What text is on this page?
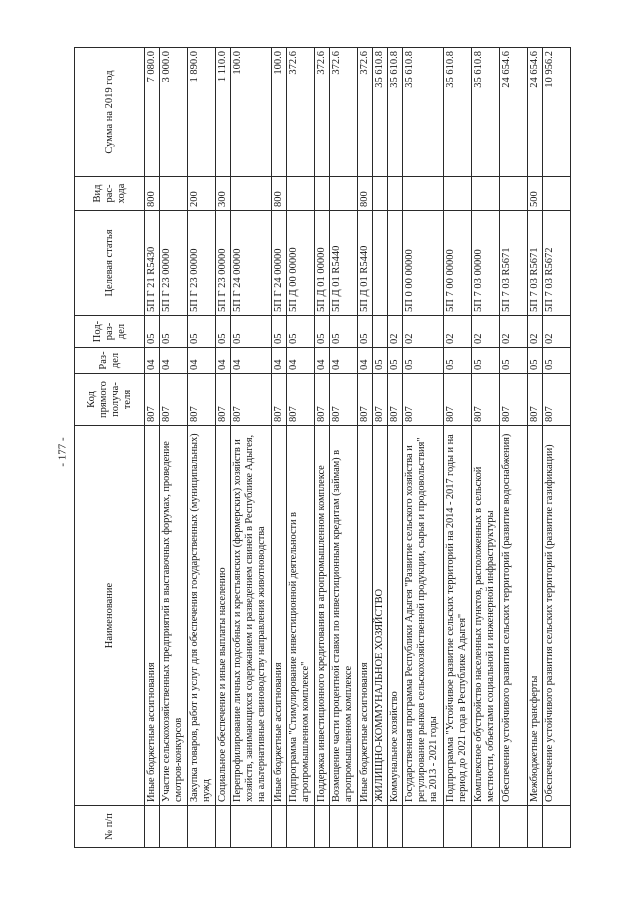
- 177 -
№ п/п	Наименование	Код прямого получа-теля	Раз-дел	Под-раз-дел	Целевая статья	Вид рас-хода	Сумма на 2019 год
	Иные бюджетные ассигнования	807	04	05	5П Г 21 R5430	800	7 080.0
	Участие сельскохозяйственных предприятий в выставочных форумах, проведение смотров-конкурсов	807	04	05	5П Г 23 00000		3 000.0
	Закупка товаров, работ и услуг для обеспечения государственных (муниципальных) нужд	807	04	05	5П Г 23 00000	200	1 890.0
	Социальное обеспечение и иные выплаты населению	807	04	05	5П Г 23 00000	300	1 110.0
	Перепрофилирование личных подсобных и крестьянских (фермерских) хозяйств и хозяйств, занимающихся содержанием и разведением свиней в Республике Адыгея, на альтернативные свиноводству направления животноводства	807	04	05	5П Г 24 00000		100.0
	Иные бюджетные ассигнования	807	04	05	5П Г 24 00000	800	100.0
	Подпрограмма "Стимулирование инвестиционной деятельности в агропромышленном комплексе"	807	04	05	5П Д 00 00000		372.6
	Поддержка инвестиционного кредитования в агропромышленном комплексе	807	04	05	5П Д 01 00000		372.6
	Возмещение части процентной ставки по инвестиционным кредитам (займам) в агропромышленном комплексе	807	04	05	5П Д 01 R5440		372.6
	Иные бюджетные ассигнования	807	04	05	5П Д 01 R5440	800	372.6
	ЖИЛИЩНО-КОММУНАЛЬНОЕ ХОЗЯЙСТВО	807	05				35 610.8
	Коммунальное хозяйство	807	05	02			35 610.8
	Государственная программа Республики Адыгея "Развитие сельского хозяйства и регулирование рынков сельскохозяйственной продукции, сырья и продовольствия" на 2013 - 2021 годы	807	05	02	5П 0 00 00000		35 610.8
	Подпрограмма "Устойчивое развитие сельских территорий на 2014 - 2017 годы и на период до 2021 года в Республике Адыгея"	807	05	02	5П 7 00 00000		35 610.8
	Комплексное обустройство населенных пунктов, расположенных в сельской местности, объектами социальной и инженерной инфраструктуры	807	05	02	5П 7 03 00000		35 610.8
	Обеспечение устойчивого развития сельских территорий (развитие водоснабжения)	807	05	02	5П 7 03 R5671		24 654.6
	Межбюджетные трансферты	807	05	02	5П 7 03 R5671	500	24 654.6
	Обеспечение устойчивого развития сельских территорий (развитие газификации)	807	05	02	5П 7 03 R5672		10 956.2
